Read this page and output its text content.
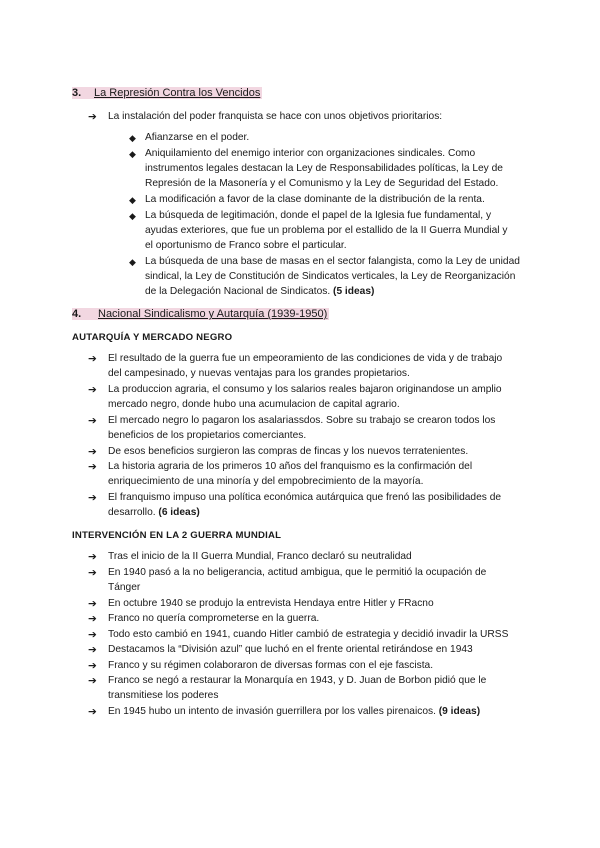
3. La Represión Contra los Vencidos
➔ La instalación del poder franquista se hace con unos objetivos prioritarios:
◆ Afianzarse en el poder.
◆ Aniquilamiento del enemigo interior con organizaciones sindicales. Como
instrumentos legales destacan la Ley de Responsabilidades políticas, la Ley de
Represión de la Masonería y el Comunismo y la Ley de Seguridad del Estado.
◆ La modificación a favor de la clase dominante de la distribución de la renta.
◆ La búsqueda de legitimación, donde el papel de la Iglesia fue fundamental, y
ayudas exteriores, que fue un problema por el estallido de la II Guerra Mundial y
el oportunismo de Franco sobre el particular.
◆ La búsqueda de una base de masas en el sector falangista, como la Ley de unidad
sindical, la Ley de Constitución de Sindicatos verticales, la Ley de Reorganización
de la Delegación Nacional de Sindicatos. (5 ideas)
4. Nacional Sindicalismo y Autarquía (1939-1950)
AUTARQUÍA Y MERCADO NEGRO
➔ El resultado de la guerra fue un empeoramiento de las condiciones de vida y de trabajo
del campesinado, y nuevas ventajas para los grandes propietarios.
➔ La produccion agraria, el consumo y los salarios reales bajaron originandose un amplio
mercado negro, donde hubo una acumulacion de capital agrario.
➔ El mercado negro lo pagaron los asalariassdos. Sobre su trabajo se crearon todos los
beneficios de los propietarios comerciantes.
➔ De esos beneficios surgieron las compras de fincas y los nuevos terratenientes.
➔ La historia agraria de los primeros 10 años del franquismo es la confirmación del
enriquecimiento de una minoría y del empobrecimiento de la mayoría.
➔ El franquismo impuso una política económica autárquica que frenó las posibilidades de
desarrollo. (6 ideas)
INTERVENCIÓN EN LA 2 GUERRA MUNDIAL
➔ Tras el inicio de la II Guerra Mundial, Franco declaró su neutralidad
➔ En 1940 pasó a la no beligerancia, actitud ambigua, que le permitió la ocupación de
Tánger
➔ En octubre 1940 se produjo la entrevista Hendaya entre Hitler y FRacno
➔ Franco no quería comprometerse en la guerra.
➔ Todo esto cambió en 1941, cuando Hitler cambió de estrategia y decidió invadir la URSS
➔ Destacamos la “División azul” que luchó en el frente oriental retirándose en 1943
➔ Franco y su régimen colaboraron de diversas formas con el eje fascista.
➔ Franco se negó a restaurar la Monarquía en 1943, y D. Juan de Borbon pidió que le
transmitiese los poderes
➔ En 1945 hubo un intento de invasión guerrillera por los valles pirenaicos. (9 ideas)
